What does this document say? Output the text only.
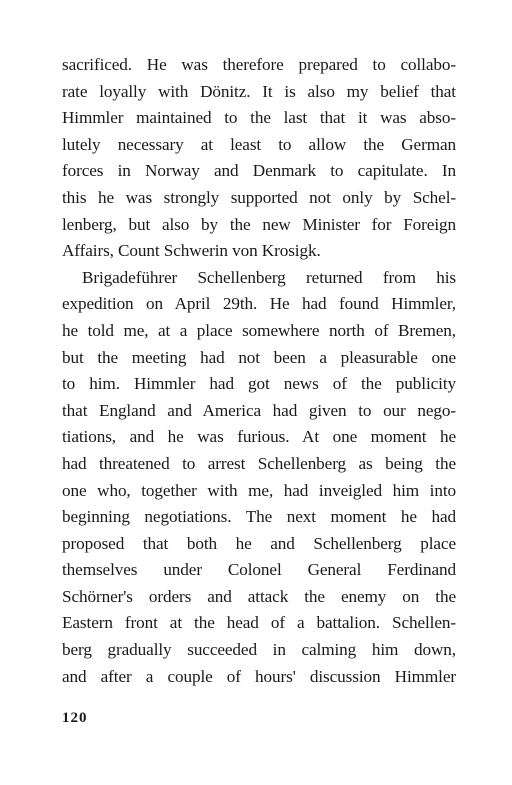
sacrificed. He was therefore prepared to collabo-
rate loyally with Dönitz. It is also my belief that
Himmler maintained to the last that it was abso-
lutely necessary at least to allow the German
forces in Norway and Denmark to capitulate. In
this he was strongly supported not only by Schel-
lenberg, but also by the new Minister for Foreign
Affairs, Count Schwerin von Krosigk.
Brigadeführer Schellenberg returned from his
expedition on April 29th. He had found Himmler,
he told me, at a place somewhere north of Bremen,
but the meeting had not been a pleasurable one
to him. Himmler had got news of the publicity
that England and America had given to our nego-
tiations, and he was furious. At one moment he
had threatened to arrest Schellenberg as being the
one who, together with me, had inveigled him into
beginning negotiations. The next moment he had
proposed that both he and Schellenberg place
themselves under Colonel General Ferdinand
Schörner's orders and attack the enemy on the
Eastern front at the head of a battalion. Schellen-
berg gradually succeeded in calming him down,
and after a couple of hours' discussion Himmler
120
